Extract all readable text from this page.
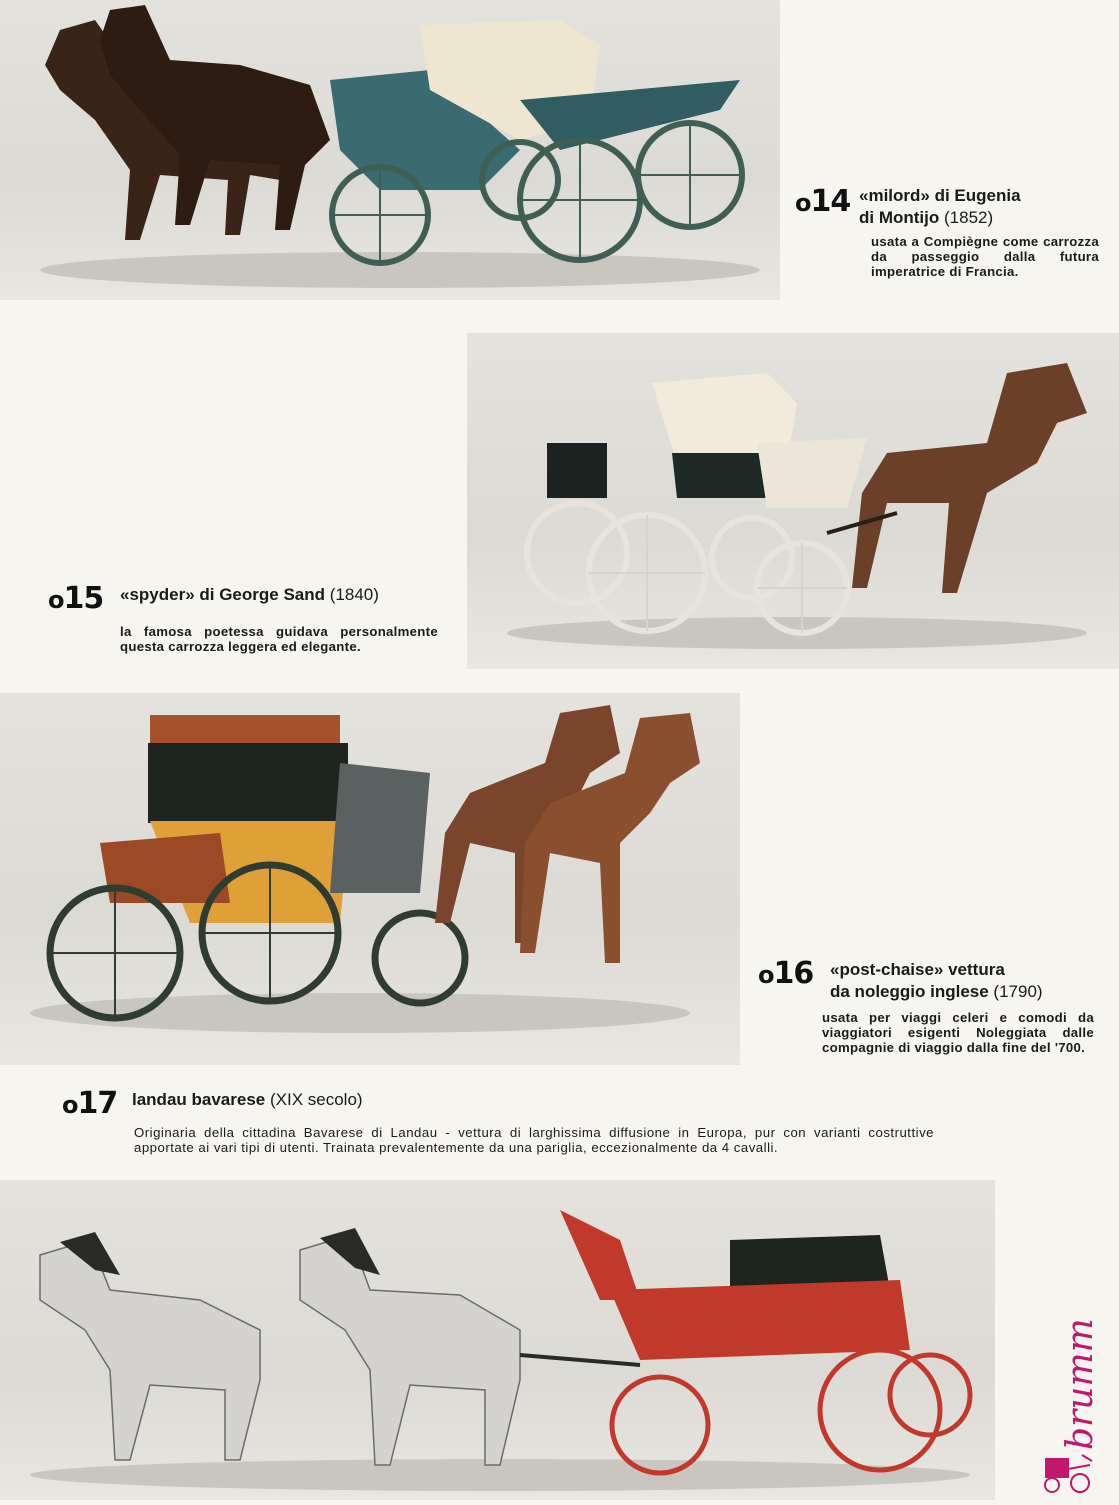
o14 «milord» di Eugenia
di Montijo (1852)
usata a Compiègne come carrozza da passeggio dalla futura imperatrice di Francia.
o15 «spyder» di George Sand (1840)
la famosa poetessa guidava personalmente questa carrozza leggera ed elegante.
o16 «post-chaise» vettura
da noleggio inglese (1790)
usata per viaggi celeri e comodi da viaggiatori esigenti Noleggiata dalle compagnie di viaggio dalla fine del '700.
o17 landau bavarese (XIX secolo)
Originaria della cittadina Bavarese di Landau - vettura di larghissima diffusione in Europa, pur con varianti costruttive apportate ai vari tipi di utenti. Trainata prevalentemente da una pariglia, eccezionalmente da 4 cavalli.
brumm
